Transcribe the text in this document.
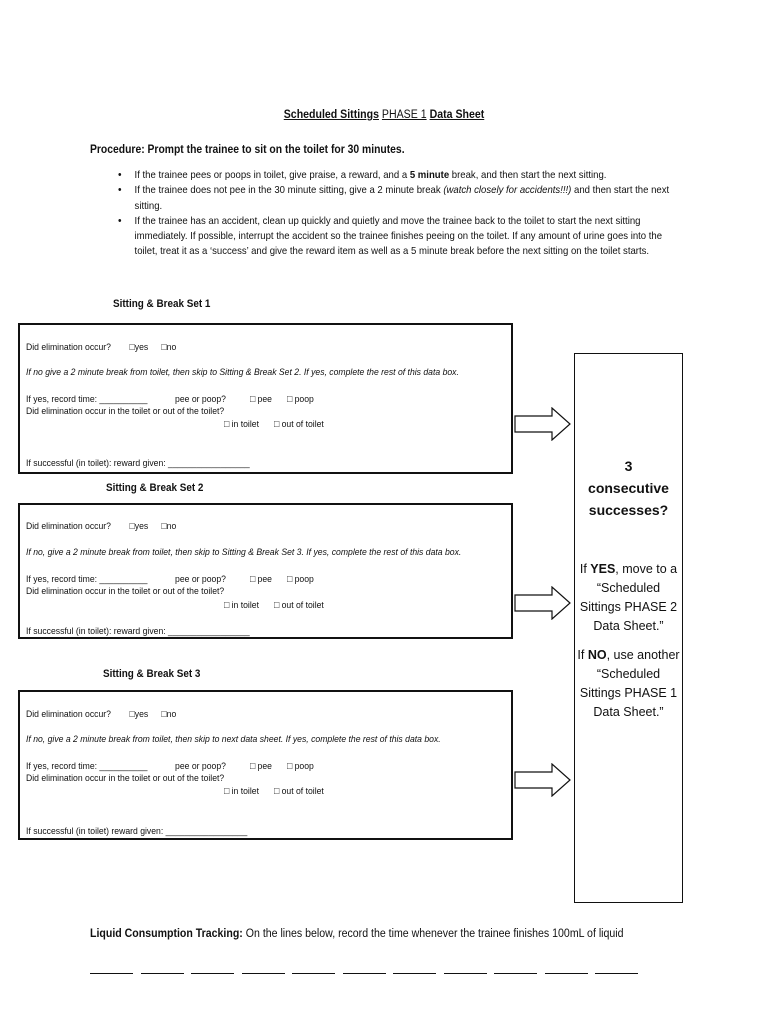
Scheduled Sittings PHASE 1 Data Sheet
Procedure: Prompt the trainee to sit on the toilet for 30 minutes.
• If the trainee pees or poops in toilet, give praise, a reward, and a 5 minute break, and then start the next sitting.
• If the trainee does not pee in the 30 minute sitting, give a 2 minute break (watch closely for accidents!!!) and then start the next sitting.
• If the trainee has an accident, clean up quickly and quietly and move the trainee back to the toilet to start the next sitting immediately. If possible, interrupt the accident so the trainee finishes peeing on the toilet. If any amount of urine goes into the toilet, treat it as a ‘success’ and give the reward item as well as a 5 minute break before the next sitting on the toilet starts.
Sitting & Break Set 1
Did elimination occur? □yes □no
If no give a 2 minute break from toilet, then skip to Sitting & Break Set 2. If yes, complete the rest of this data box.
If yes, record time: __________	pee or poop?	□ pee □ poop
Did elimination occur in the toilet or out of the toilet?
□ in toilet □ out of toilet
If successful (in toilet): reward given: _________________
Sitting & Break Set 2
Did elimination occur? □yes □no
If no, give a 2 minute break from toilet, then skip to Sitting & Break Set 3. If yes, complete the rest of this data box.
If yes, record time: __________	pee or poop?	□ pee □ poop
Did elimination occur in the toilet or out of the toilet?
□ in toilet □ out of toilet
If successful (in toilet): reward given: _________________
Sitting & Break Set 3
Did elimination occur? □yes □no
If no, give a 2 minute break from toilet, then skip to next data sheet. If yes, complete the rest of this data box.
If yes, record time: __________	pee or poop?	□ pee □ poop
Did elimination occur in the toilet or out of the toilet?
□ in toilet □ out of toilet
If successful (in toilet) reward given: _________________
3
consecutive
successes?
If YES, move to a “Scheduled Sittings PHASE 2 Data Sheet.”
If NO, use another “Scheduled Sittings PHASE 1 Data Sheet.”
Liquid Consumption Tracking: On the lines below, record the time whenever the trainee finishes 100mL of liquid
